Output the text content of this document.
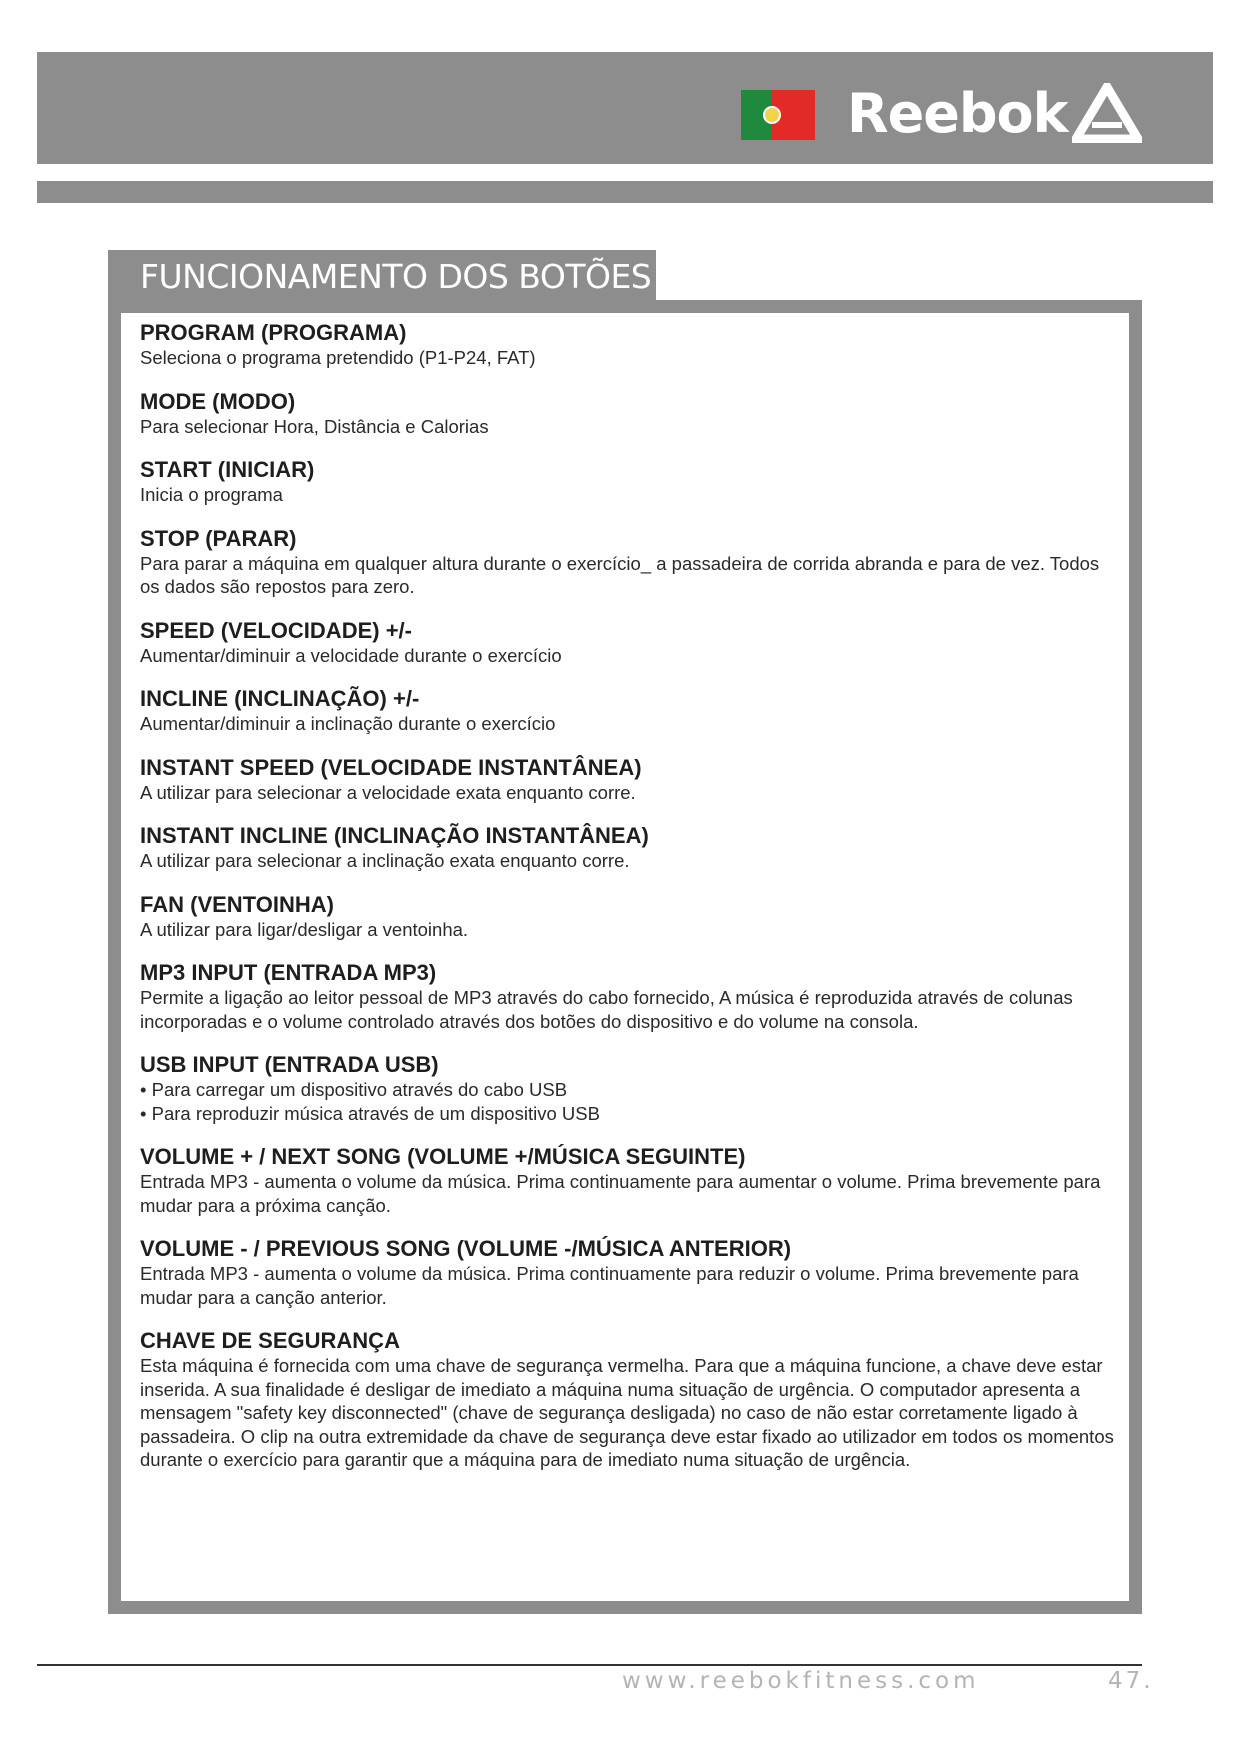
Reebok
FUNCIONAMENTO DOS BOTÕES
PROGRAM (PROGRAMA)

Seleciona o programa pretendido (P1-P24, FAT)

MODE (MODO)

Para selecionar Hora, Distância e Calorias

START (INICIAR)

Inicia o programa

STOP (PARAR)

Para parar a máquina em qualquer altura durante o exercício_ a passadeira de corrida abranda e para de vez. Todos os dados são repostos para zero.

SPEED (VELOCIDADE) +/-

Aumentar/diminuir a velocidade durante o exercício

INCLINE (INCLINAÇÃO) +/-

Aumentar/diminuir a inclinação durante o exercício

INSTANT SPEED (VELOCIDADE INSTANTÂNEA)

A utilizar para selecionar a velocidade exata enquanto corre.

INSTANT INCLINE (INCLINAÇÃO INSTANTÂNEA)

A utilizar para selecionar a inclinação exata enquanto corre.

FAN (VENTOINHA)

A utilizar para ligar/desligar a ventoinha.

MP3 INPUT (ENTRADA MP3)

Permite a ligação ao leitor pessoal de MP3 através do cabo fornecido, A música é reproduzida através de colunas incorporadas e o volume controlado através dos botões do dispositivo e do volume na consola.

USB INPUT (ENTRADA USB)

• Para carregar um dispositivo através do cabo USB

• Para reproduzir música através de um dispositivo USB

VOLUME + / NEXT SONG (VOLUME +/MÚSICA SEGUINTE)

Entrada MP3 - aumenta o volume da música. Prima continuamente para aumentar o volume. Prima brevemente para mudar para a próxima canção.

VOLUME - / PREVIOUS SONG (VOLUME -/MÚSICA ANTERIOR)

Entrada MP3 - aumenta o volume da música. Prima continuamente para reduzir o volume. Prima brevemente para mudar para a canção anterior.

CHAVE DE SEGURANÇA

Esta máquina é fornecida com uma chave de segurança vermelha. Para que a máquina funcione, a chave deve estar inserida. A sua finalidade é desligar de imediato a máquina numa situação de urgência. O computador apresenta a mensagem "safety key disconnected" (chave de segurança desligada) no caso de não estar corretamente ligado à passadeira. O clip na outra extremidade da chave de segurança deve estar fixado ao utilizador em todos os momentos durante o exercício para garantir que a máquina para de imediato numa situação de urgência.

www.reebokfitness.com	47.
